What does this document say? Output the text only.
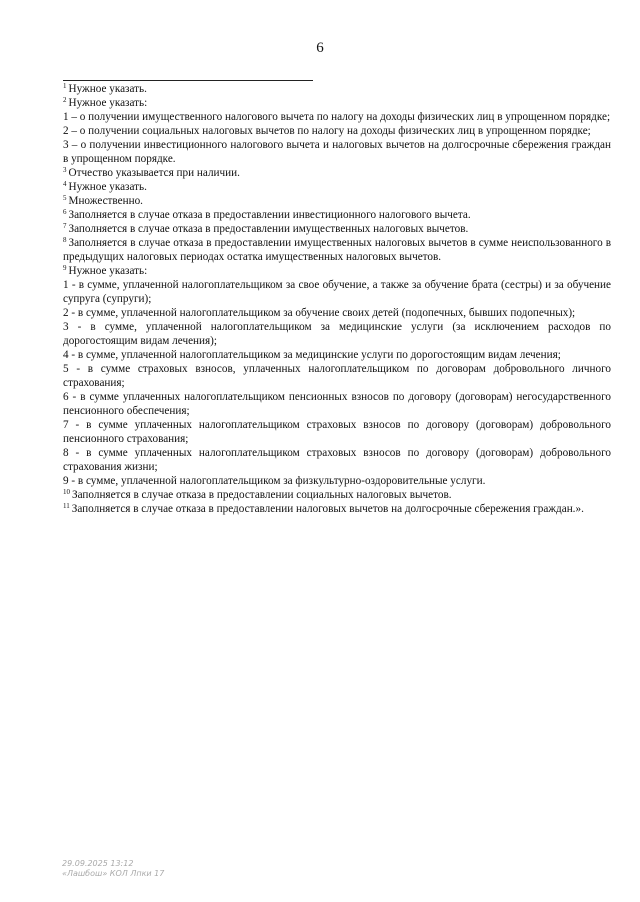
6

$^1$ Нужное указать.

$^2$ Нужное указать:

1 – о получении имущественного налогового вычета по налогу на доходы физических лиц в упрощенном порядке;

2 – о получении социальных налоговых вычетов по налогу на доходы физических лиц в упрощенном порядке;

3 – о получении инвестиционного налогового вычета и налоговых вычетов на долгосрочные сбережения граждан в упрощенном порядке.

$^3$ Отчество указывается при наличии.

$^4$ Нужное указать.

$^5$ Множественно.

$^6$ Заполняется в случае отказа в предоставлении инвестиционного налогового вычета.

$^7$ Заполняется в случае отказа в предоставлении имущественных налоговых вычетов.

$^8$ Заполняется в случае отказа в предоставлении имущественных налоговых вычетов в сумме неиспользованного в предыдущих налоговых периодах остатка имущественных налоговых вычетов.

$^9$ Нужное указать:

1 - в сумме, уплаченной налогоплательщиком за свое обучение, а также за обучение брата (сестры) и за обучение супруга (супруги);

2 - в сумме, уплаченной налогоплательщиком за обучение своих детей (подопечных, бывших подопечных);

3 - в сумме, уплаченной налогоплательщиком за медицинские услуги (за исключением расходов по дорогостоящим видам лечения);

4 - в сумме, уплаченной налогоплательщиком за медицинские услуги по дорогостоящим видам лечения;

5 - в сумме страховых взносов, уплаченных налогоплательщиком по договорам добровольного личного страхования;

6 - в сумме уплаченных налогоплательщиком пенсионных взносов по договору (договорам) негосударственного пенсионного обеспечения;

7 - в сумме уплаченных налогоплательщиком страховых взносов по договору (договорам) добровольного пенсионного страхования;

8 - в сумме уплаченных налогоплательщиком страховых взносов по договору (договорам) добровольного страхования жизни;

9 - в сумме, уплаченной налогоплательщиком за физкультурно-оздоровительные услуги.

$^{10}$ Заполняется в случае отказа в предоставлении социальных налоговых вычетов.

$^{11}$ Заполняется в случае отказа в предоставлении налоговых вычетов на долгосрочные сбережения граждан.».

29.09.2025 13:12
«Лашбош» КОЛ Лпки 17
